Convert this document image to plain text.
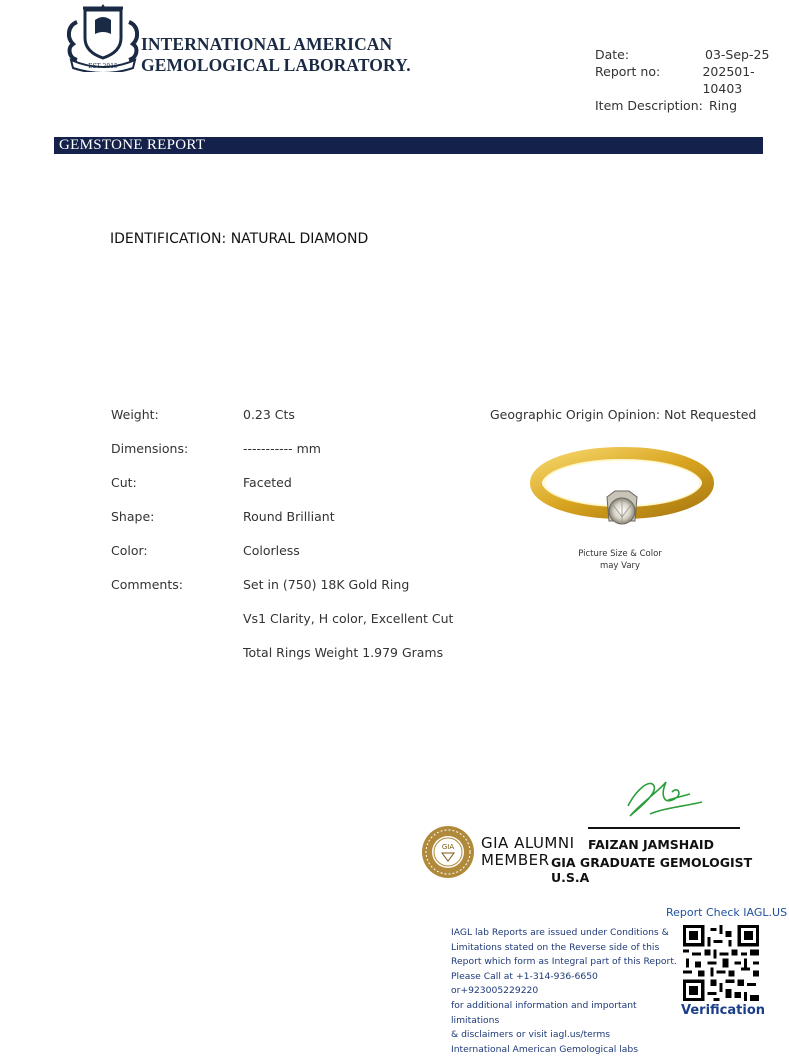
EST 2015
INTERNATIONAL AMERICAN
GEMOLOGICAL LABORATORY.
Date:	03-Sep-25
Report no:	202501-10403
Item Description: Ring
GEMSTONE REPORT
IDENTIFICATION: NATURAL DIAMOND
Weight:	0.23 Cts
Dimensions:	----------- mm
Cut:	Faceted
Shape:	Round Brilliant
Color:	Colorless
Comments:	Set in (750) 18K Gold Ring
Vs1 Clarity, H color, Excellent Cut
Total Rings Weight 1.979 Grams
Geographic Origin Opinion: Not Requested
Picture Size & Color
may Vary
GIA GIA ALUMNI
MEMBER
FAIZAN JAMSHAID
GIA GRADUATE GEMOLOGIST U.S.A
Report Check IAGL.US
IAGL lab Reports are issued under Conditions &
Limitations stated on the Reverse side of this
Report which form as Integral part of this Report.
Please Call at +1-314-936-6650 or+923005229220
for additional information and important limitations
& disclaimers or visit iagl.us/terms
International American Gemological labs
Verification
